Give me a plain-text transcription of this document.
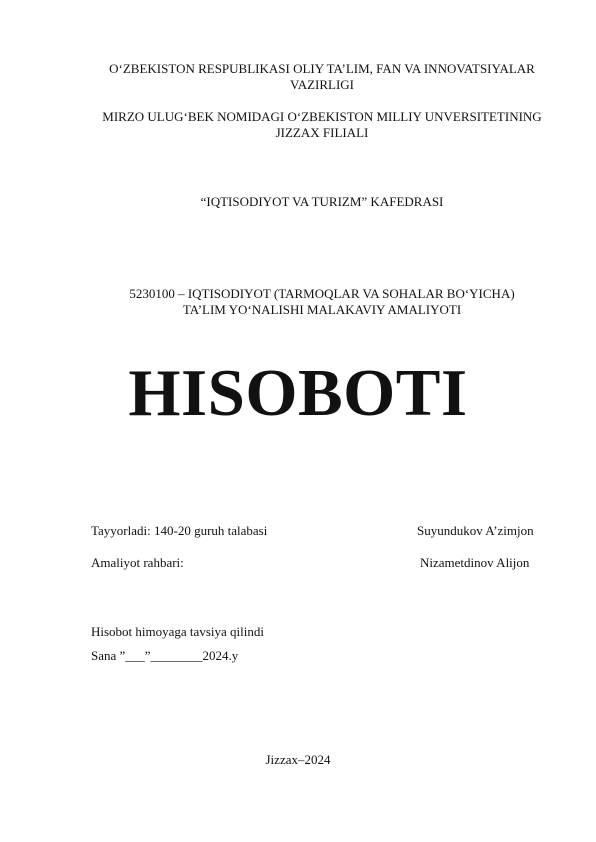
O‘ZBEKISTON RESPUBLIKASI OLIY TA’LIM, FAN VA INNOVATSIYALAR
VAZIRLIGI
MIRZO ULUG‘BEK NOMIDAGI O‘ZBEKISTON MILLIY UNVERSITETINING
JIZZAX FILIALI
“IQTISODIYOT VA TURIZM” KAFEDRASI
5230100 – IQTISODIYOT (TARMOQLAR VA SOHALAR BO‘YICHA)
TA’LIM YO‘NALISHI MALAKAVIY AMALIYOTI
HISOBOTI
Tayyorladi: 140-20 guruh talabasi	Suyundukov A’zimjon
Amaliyot rahbari:	Nizametdinov Alijon
Hisobot himoyaga tavsiya qilindi
Sana ”___”________2024.y
Jizzax–2024
